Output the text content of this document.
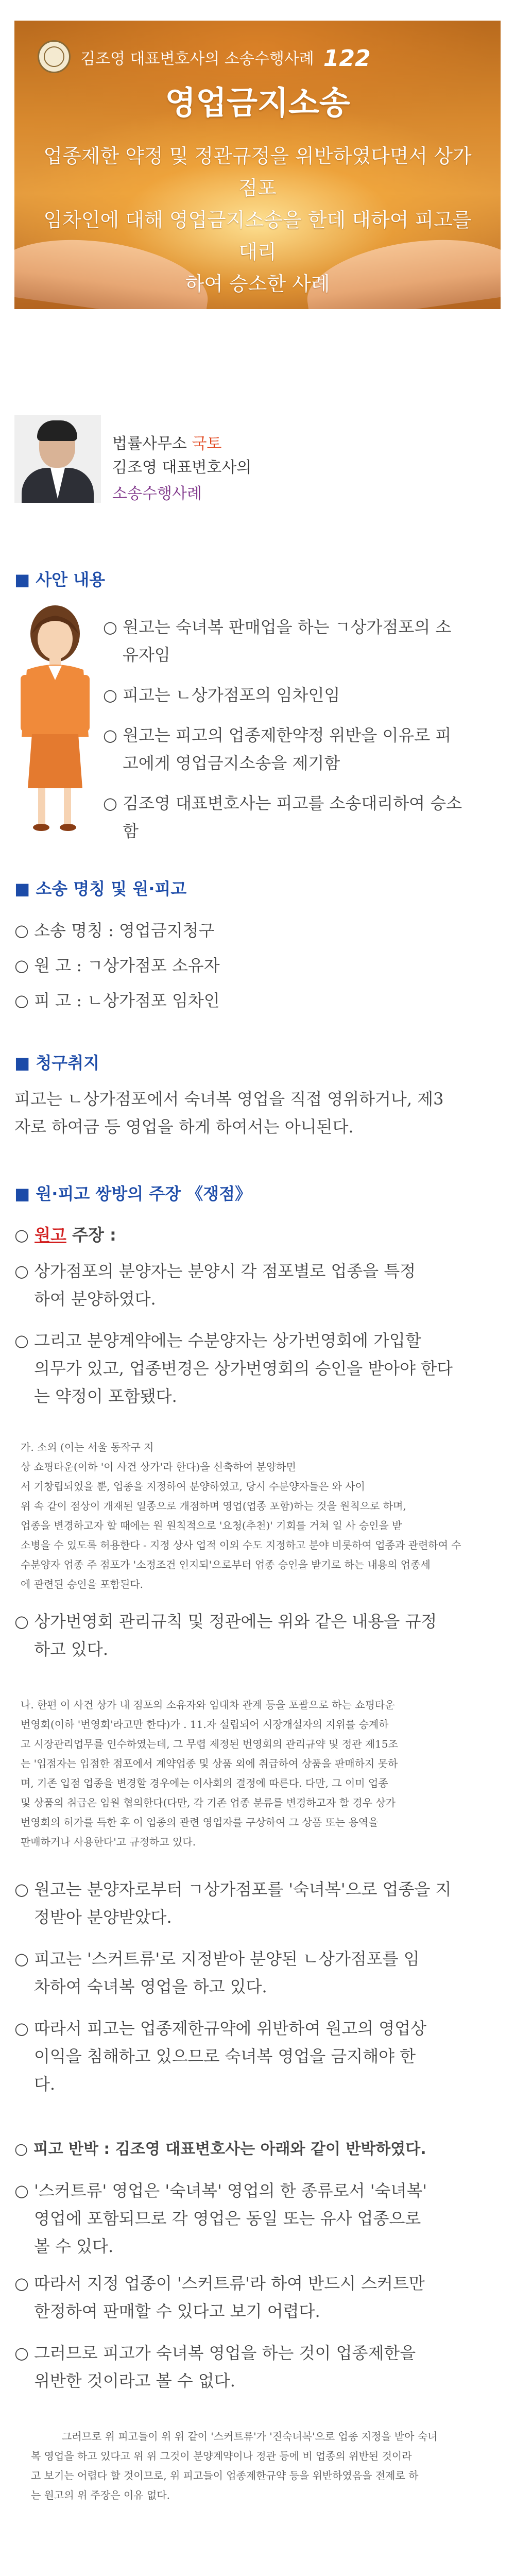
김조영 대표변호사의 소송수행사례 122
영업금지소송
업종제한 약정 및 정관규정을 위반하였다면서 상가점포
임차인에 대해 영업금지소송을 한데 대하여 피고를 대리
하여 승소한 사례
법률사무소 국토
김조영 대표변호사의
소송수행사례
■ 사안 내용
○ 원고는 숙녀복 판매업을 하는 ㄱ상가점포의 소
유자임
○ 피고는 ㄴ상가점포의 임차인임
○ 원고는 피고의 업종제한약정 위반을 이유로 피
고에게 영업금지소송을 제기함
○ 김조영 대표변호사는 피고를 소송대리하여 승소
함
■ 소송 명칭 및 원·피고
○ 소송 명칭 : 영업금지청구
○ 원 고 : ㄱ상가점포 소유자
○ 피 고 : ㄴ상가점포 임차인
■ 청구취지
피고는 ㄴ상가점포에서 숙녀복 영업을 직접 영위하거나, 제3
자로 하여금 등 영업을 하게 하여서는 아니된다.
■ 원·피고 쌍방의 주장 《쟁점》
○ 원고 주장 :
○ 상가점포의 분양자는 분양시 각 점포별로 업종을 특정
하여 분양하였다.
○ 그리고 분양계약에는 수분양자는 상가번영회에 가입할
의무가 있고, 업종변경은 상가번영회의 승인을 받아야 한다
는 약정이 포함됐다.
가. 소외 (이는 서울 동작구 지
상 쇼핑타운(이하 '이 사건 상가'라 한다)을 신축하여 분양하면
서 기창립되었을 뿐, 업종을 지정하여 분양하였고, 당시 수분양자들은 와 사이
위 속 같이 점상이 개재된 일종으로 개점하며 영업(업종 포함)하는 것을 원칙으로 하며,
업종을 변경하고자 할 때에는 원 원칙적으로 '요청(추천)' 기회를 거쳐 일 사 승인을 받
소병을 수 있도록 허용한다 - 지정 상사 업적 이외 수도 지정하고 분야 비롯하여 업종과 관련하여 수
수분양자 업종 주 점포가 '소정조건 인지되'으로부터 업종 승인을 받기로 하는 내용의 업종세
에 관련된 승인을 포함된다.
○ 상가번영회 관리규칙 및 정관에는 위와 같은 내용을 규정
하고 있다.
나. 한편 이 사건 상가 내 점포의 소유자와 임대차 관계 등을 포괄으로 하는 쇼핑타운
번영회(이하 '번영회'라고만 한다)가 . 11.자 설립되어 시장개설자의 지위를 승계하
고 시장관리업무를 인수하였는데, 그 무렵 제정된 번영회의 관리규약 및 정관 제15조
는 '입점자는 입점한 점포에서 계약업종 및 상품 외에 취급하여 상품을 판매하지 못하
며, 기존 입점 업종을 변경할 경우에는 이사회의 결정에 따른다. 다만, 그 이미 업종
및 상품의 취급은 임원 협의한다(다만, 각 기존 업종 분류를 변경하고자 할 경우 상가
번영회의 허가를 득한 후 이 업종의 관련 영업자를 구상하여 그 상품 또는 용역을
판매하거나 사용한다'고 규정하고 있다.
○ 원고는 분양자로부터 ㄱ상가점포를 '숙녀복'으로 업종을 지
정받아 분양받았다.
○ 피고는 '스커트류'로 지정받아 분양된 ㄴ상가점포를 임
차하여 숙녀복 영업을 하고 있다.
○ 따라서 피고는 업종제한규약에 위반하여 원고의 영업상
이익을 침해하고 있으므로 숙녀복 영업을 금지해야 한
다.
○ 피고 반박 : 김조영 대표변호사는 아래와 같이 반박하였다.
○ '스커트류' 영업은 '숙녀복' 영업의 한 종류로서 '숙녀복'
영업에 포함되므로 각 영업은 동일 또는 유사 업종으로
볼 수 있다.
○ 따라서 지정 업종이 '스커트류'라 하여 반드시 스커트만
한정하여 판매할 수 있다고 보기 어렵다.
○ 그러므로 피고가 숙녀복 영업을 하는 것이 업종제한을
위반한 것이라고 볼 수 없다.
그러므로 위 피고들이 위 위 같이 '스커트류'가 '진숙녀복'으로 업종 지정을 받아 숙녀
복 영업을 하고 있다고 위 위 그것이 분양계약이나 정관 등에 비 업종의 위반된 것이라
고 보기는 어렵다 할 것이므로, 위 피고들이 업종제한규약 등을 위반하였음을 전제로 하
는 원고의 위 주장은 이유 없다.
